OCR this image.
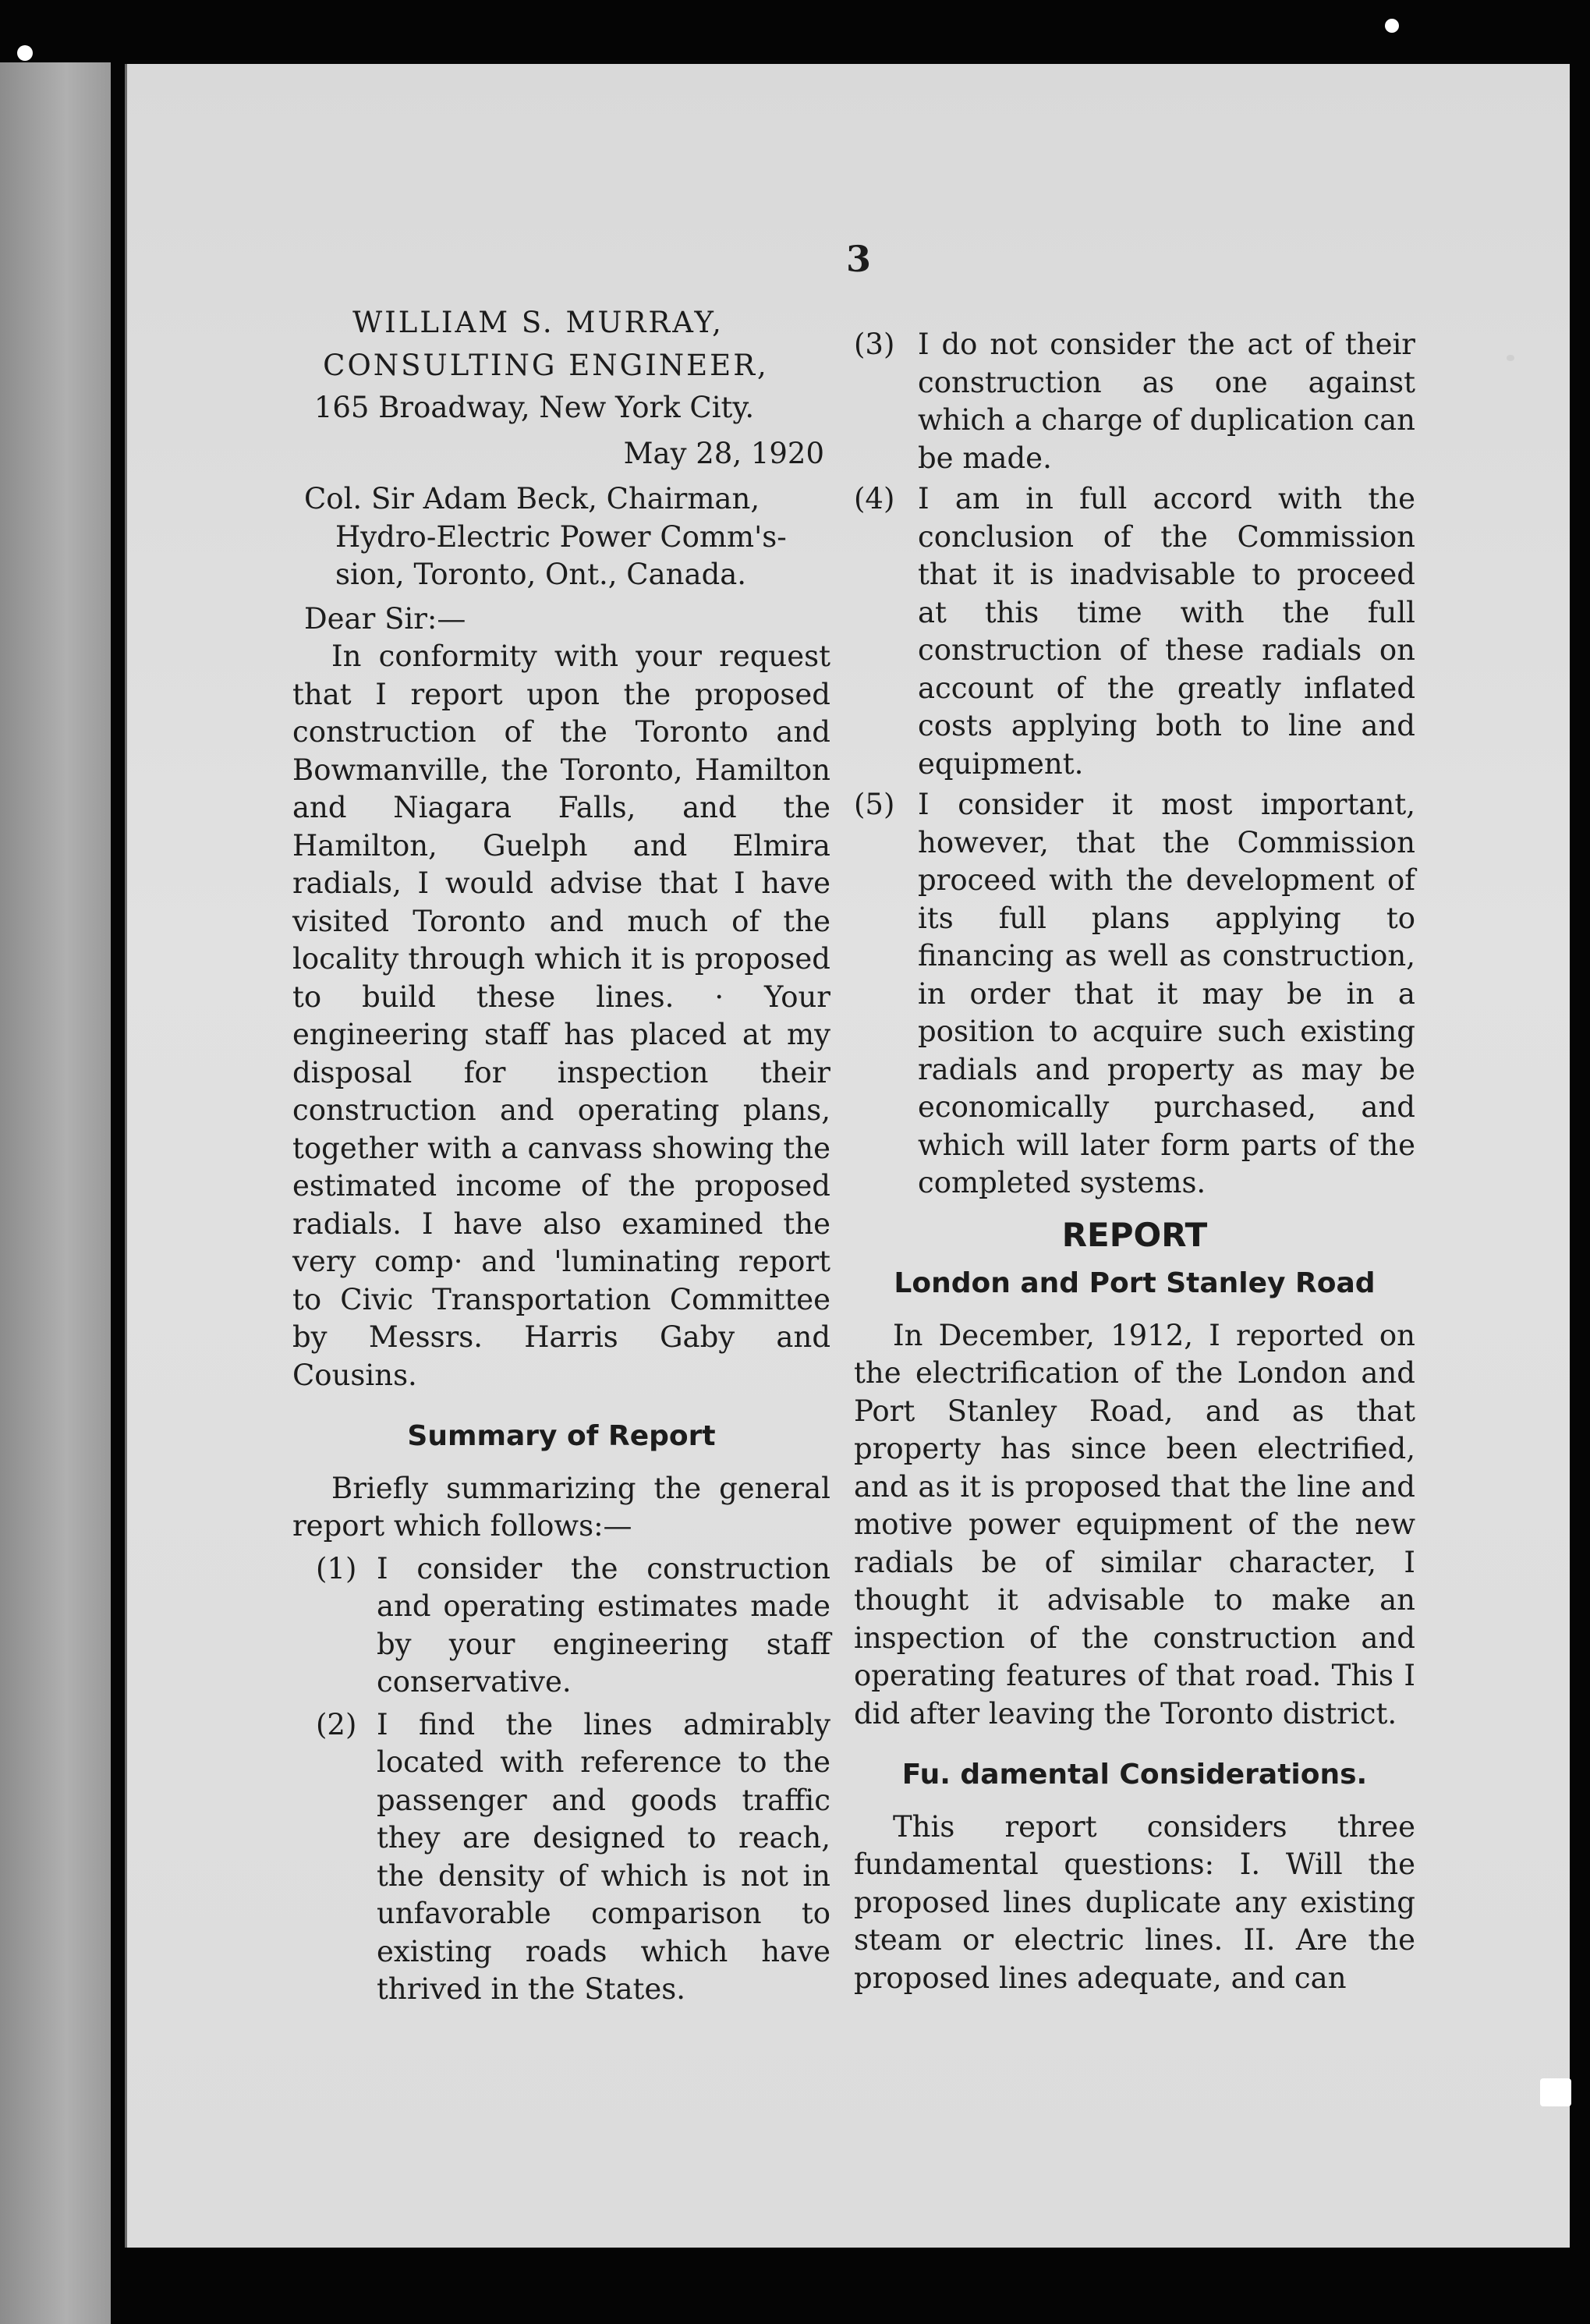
3

WILLIAM S. MURRAY,

CONSULTING ENGINEER,

165 Broadway, New York City.

May 28, 1920

Col. Sir Adam Beck, Chairman,

Hydro-Electric Power Comm's-

sion, Toronto, Ont., Canada.

Dear Sir:—

In conformity with your request that I report upon the proposed construction of the Toronto and Bowmanville, the Toronto, Hamilton and Niagara Falls, and the Hamilton, Guelph and Elmira radials, I would advise that I have visited Toronto and much of the locality through which it is proposed to build these lines. · Your engineering staff has placed at my disposal for inspection their construction and operating plans, together with a canvass showing the estimated income of the proposed radials. I have also examined the very comp· and 'luminating report to Civic Transportation Committee by Messrs. Harris Gaby and Cousins.

Summary of Report

Briefly summarizing the general report which follows:—

(1) I consider the construction and operating estimates made by your engineering staff conservative.
(2) I find the lines admirably located with reference to the passenger and goods traffic they are designed to reach, the density of which is not in unfavorable comparison to existing roads which have thrived in the States.
(3) I do not consider the act of their construction as one against which a charge of duplication can be made.
(4) I am in full accord with the conclusion of the Commission that it is inadvisable to proceed at this time with the full construction of these radials on account of the greatly inflated costs applying both to line and equipment.
(5) I consider it most important, however, that the Commission proceed with the development of its full plans applying to financing as well as construction, in order that it may be in a position to acquire such existing radials and property as may be economically purchased, and which will later form parts of the completed systems.

REPORT

London and Port Stanley Road

In December, 1912, I reported on the electrification of the London and Port Stanley Road, and as that property has since been electrified, and as it is proposed that the line and motive power equipment of the new radials be of similar character, I thought it advisable to make an inspection of the construction and operating features of that road. This I did after leaving the Toronto district.

Fu. damental Considerations.

This report considers three fundamental questions: I. Will the proposed lines duplicate any existing steam or electric lines. II. Are the proposed lines adequate, and can
